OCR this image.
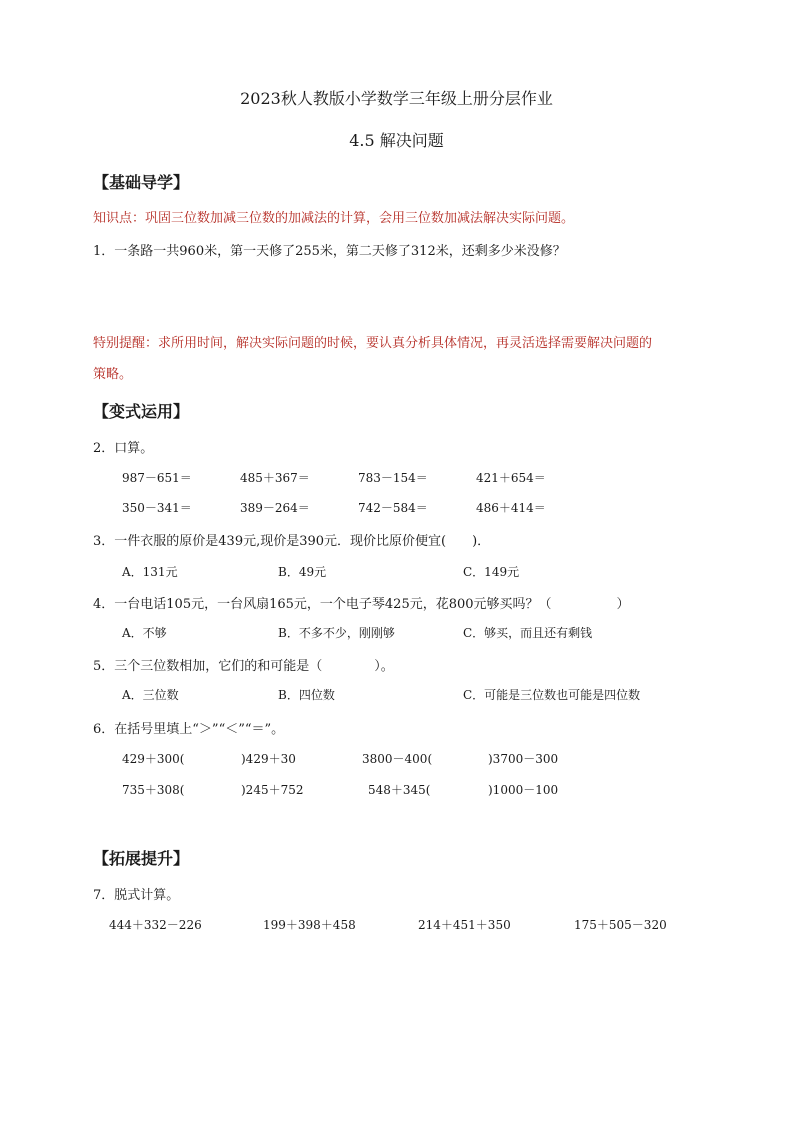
2023秋人教版小学数学三年级上册分层作业
4.5 解决问题
【基础导学】
知识点：巩固三位数加减三位数的加减法的计算，会用三位数加减法解决实际问题。
1．一条路一共960米，第一天修了255米，第二天修了312米，还剩多少米没修？
特别提醒：求所用时间，解决实际问题的时候，要认真分析具体情况，再灵活选择需要解决问题的
策略。
【变式运用】
2．口算。
987－651＝	485＋367＝	783－154＝	421＋654＝
350－341＝	389－264＝	742－584＝	486＋414＝
3．一件衣服的原价是439元,现价是390元．现价比原价便宜(　　)．
A．131元	B．49元	C．149元
4．一台电话105元，一台风扇165元，一个电子琴425元，花800元够买吗？（　　　　　）
A．不够	B．不多不少，刚刚够	C．够买，而且还有剩钱
5．三个三位数相加，它们的和可能是（　　　　）。
A．三位数	B．四位数	C．可能是三位数也可能是四位数
6．在括号里填上“＞”“＜”“＝”。
429＋300(	)429＋30	3800－400(	)3700－300
735＋308(	)245＋752	548＋345(	)1000－100
【拓展提升】
7．脱式计算。
444＋332－226	199＋398＋458	214＋451＋350	175＋505－320
